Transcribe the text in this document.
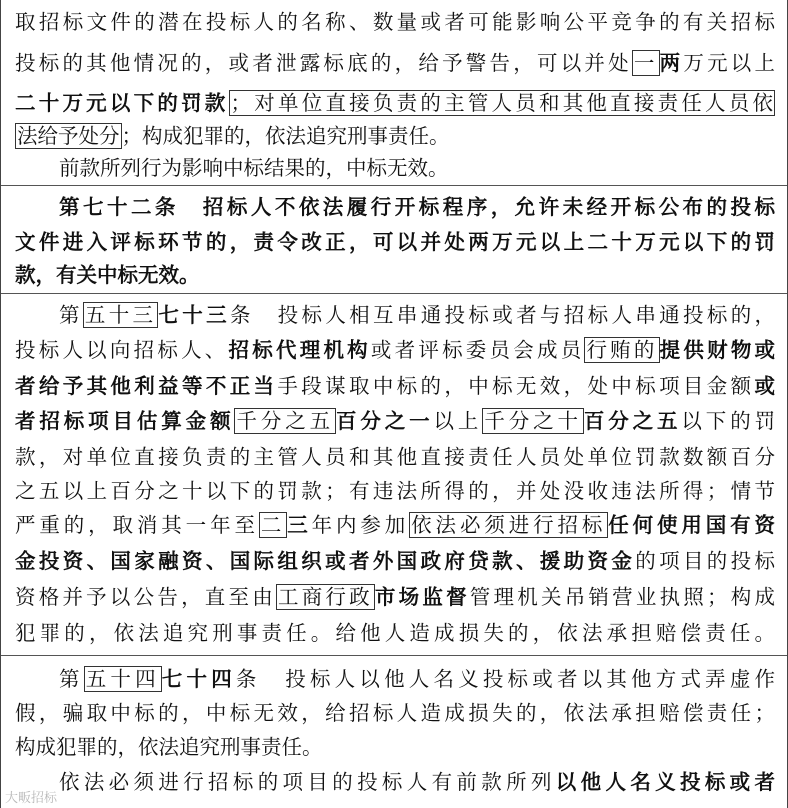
取招标文件的潜在投标人的名称、数量或者可能影响公平竞争的有关招标
投标的其他情况的，或者泄露标底的，给予警告，可以并处一两万元以上
二十万元以下的罚款；对单位直接负责的主管人员和其他直接责任人员依
法给予处分；构成犯罪的，依法追究刑事责任。
前款所列行为影响中标结果的，中标无效。
第七十二条　招标人不依法履行开标程序，允许未经开标公布的投标
文件进入评标环节的，责令改正，可以并处两万元以上二十万元以下的罚
款，有关中标无效。
第五十三七十三条　投标人相互串通投标或者与招标人串通投标的，
投标人以向招标人、招标代理机构或者评标委员会成员行贿的提供财物或
者给予其他利益等不正当手段谋取中标的，中标无效，处中标项目金额或
者招标项目估算金额千分之五百分之一以上千分之十百分之五以下的罚
款，对单位直接负责的主管人员和其他直接责任人员处单位罚款数额百分
之五以上百分之十以下的罚款；有违法所得的，并处没收违法所得；情节
严重的，取消其一年至二三年内参加依法必须进行招标任何使用国有资
金投资、国家融资、国际组织或者外国政府贷款、援助资金的项目的投标
资格并予以公告，直至由工商行政市场监督管理机关吊销营业执照；构成
犯罪的，依法追究刑事责任。给他人造成损失的，依法承担赔偿责任。
第五十四七十四条　投标人以他人名义投标或者以其他方式弄虚作
假，骗取中标的，中标无效，给招标人造成损失的，依法承担赔偿责任；
构成犯罪的，依法追究刑事责任。
依法必须进行招标的项目的投标人有前款所列以他人名义投标或者
大畈招标
